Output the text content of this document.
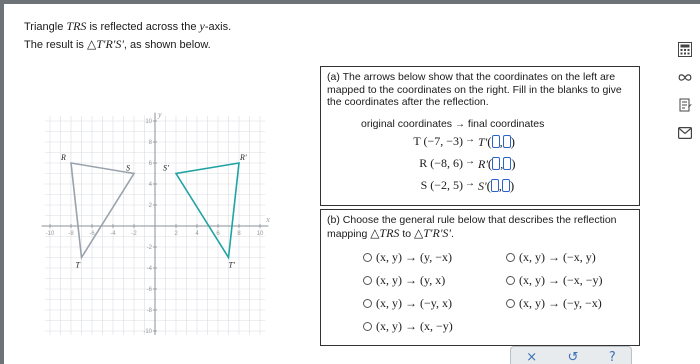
Triangle TRS is reflected across the y-axis.
The result is △T'R'S', as shown below.
-10 -8	-6	-4	-2	2	4	6	8	10
10
8
6
4
2
-2
-4
-6
-8
-10
x
y
R
S
T
R'
S'
T'
(a) The arrows below show that the coordinates on the left are mapped to the coordinates on the right. Fill in the blanks to give the coordinates after the reflection.
original coordinates → final coordinates
T (−7, −3) → T'( , )
R (−8, 6) → R'( , )
S (−2, 5) → S'( , )
(b) Choose the general rule below that describes the reflection mapping △TRS to △T'R'S'.
(x, y) → (y, −x)
(x, y) → (y, x)
(x, y) → (−y, x)
(x, y) → (x, −y)
(x, y) → (−x, y)
(x, y) → (−x, −y)
(x, y) → (−y, −x)
× ↺ ?
